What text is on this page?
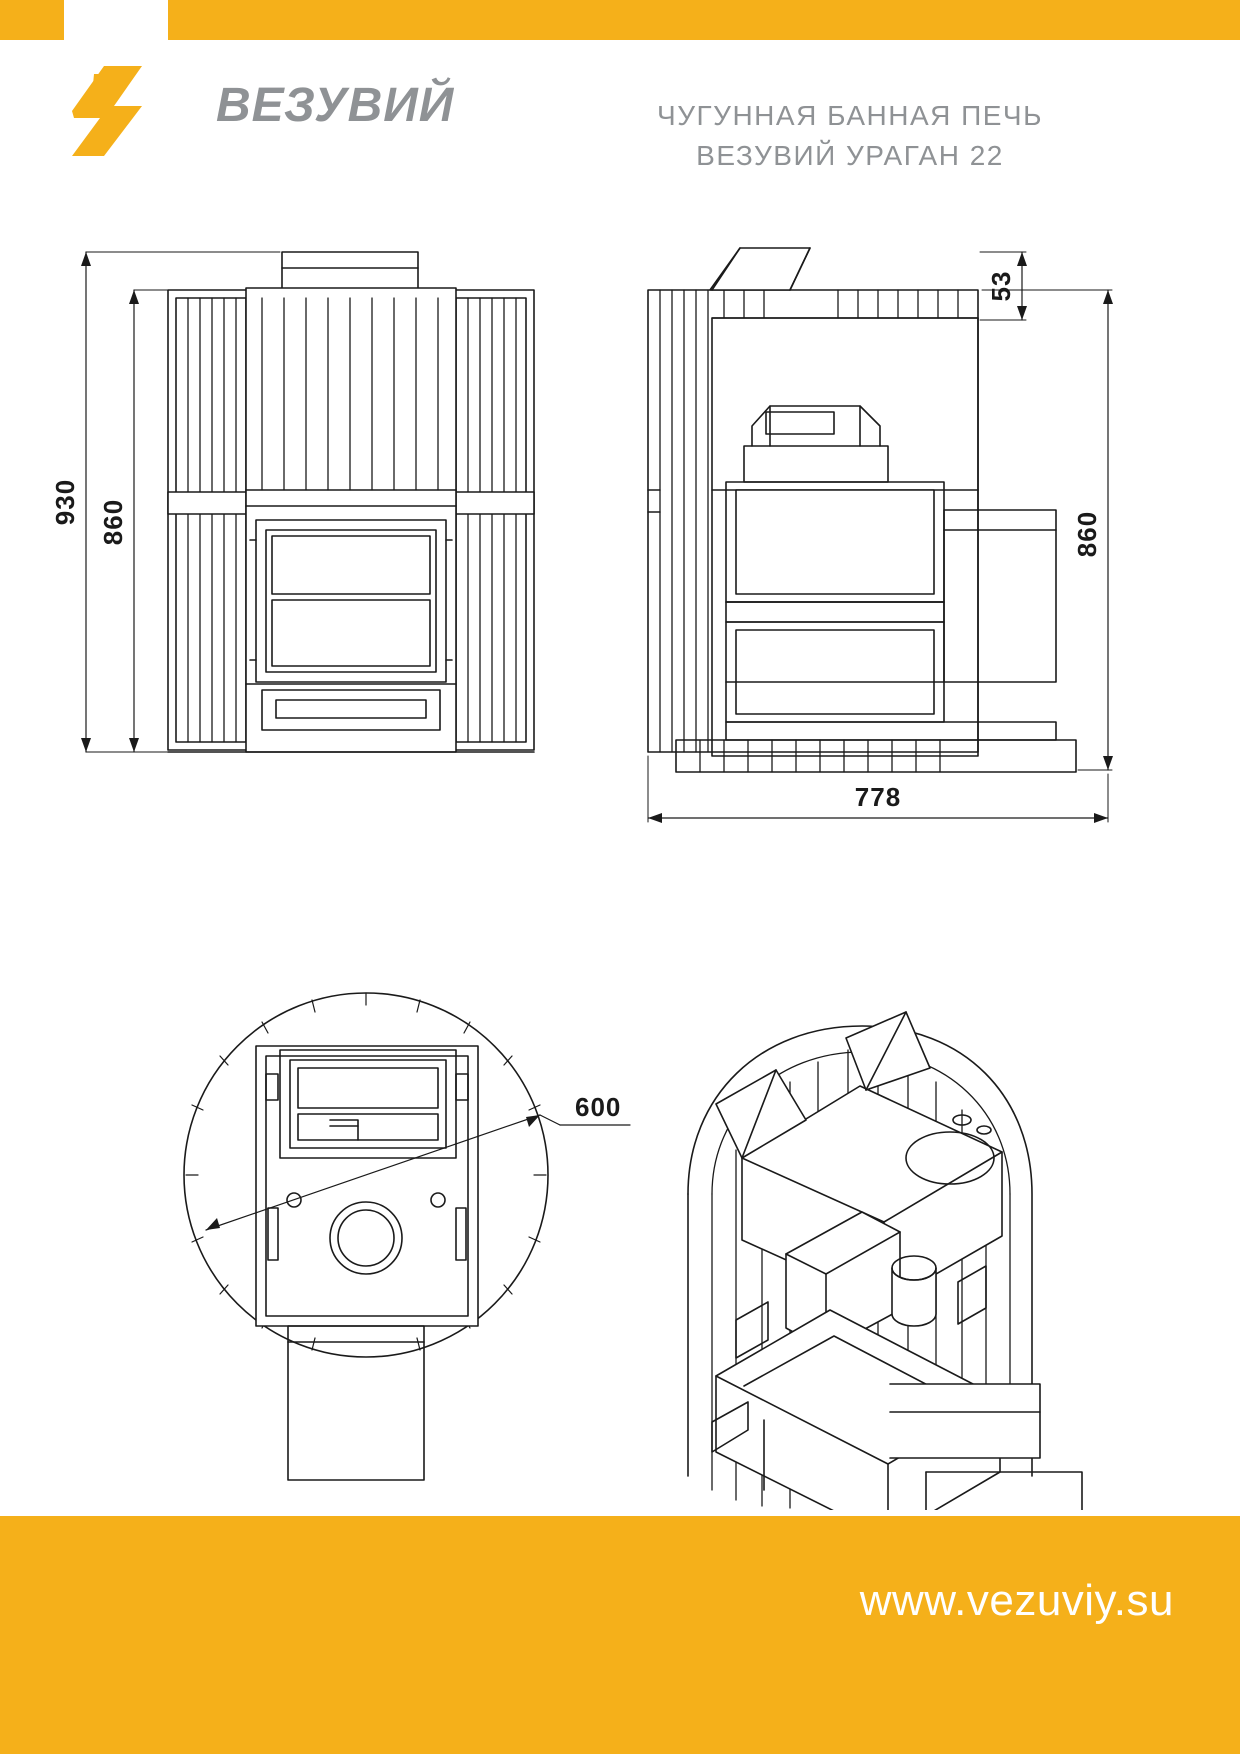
ВЕЗУВИЙ	ЧУГУННАЯ БАННАЯ ПЕЧЬ
ВЕЗУВИЙ УРАГАН 22
930 860
53
860
778
600
www.vezuviy.su
